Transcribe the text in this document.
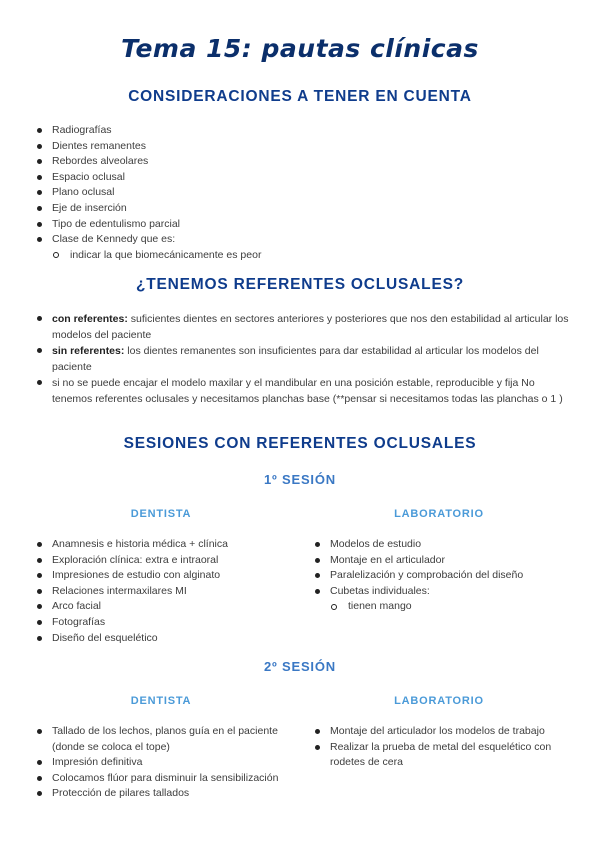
Tema 15: pautas clínicas
CONSIDERACIONES A TENER EN CUENTA
Radiografías
Dientes remanentes
Rebordes alveolares
Espacio oclusal
Plano oclusal
Eje de inserción
Tipo de edentulismo parcial
Clase de Kennedy que es:
indicar la que biomecánicamente es peor
¿TENEMOS REFERENTES OCLUSALES?
con referentes: suficientes dientes en sectores anteriores y posteriores que nos den estabilidad al articular los modelos del paciente
sin referentes: los dientes remanentes son insuficientes para dar estabilidad al articular los modelos del paciente
si no se puede encajar el modelo maxilar y el mandibular en una posición estable, reproducible y fija No tenemos referentes oclusales y necesitamos planchas base (**pensar si necesitamos todas las planchas o 1 )
SESIONES CON REFERENTES OCLUSALES
1º SESIÓN
DENTISTA	LABORATORIO
Anamnesis e historia médica + clínica
Exploración clínica: extra e intraoral
Impresiones de estudio con alginato
Relaciones intermaxilares MI
Arco facial
Fotografías
Diseño del esquelético
Modelos de estudio
Montaje en el articulador
Paralelización y comprobación del diseño
Cubetas individuales:
tienen mango
2º SESIÓN
DENTISTA	LABORATORIO
Tallado de los lechos, planos guía en el paciente (donde se coloca el tope)
Impresión definitiva
Colocamos flúor para disminuir la sensibilización
Protección de pilares tallados
Montaje del articulador los modelos de trabajo
Realizar la prueba de metal del esquelético con rodetes de cera
